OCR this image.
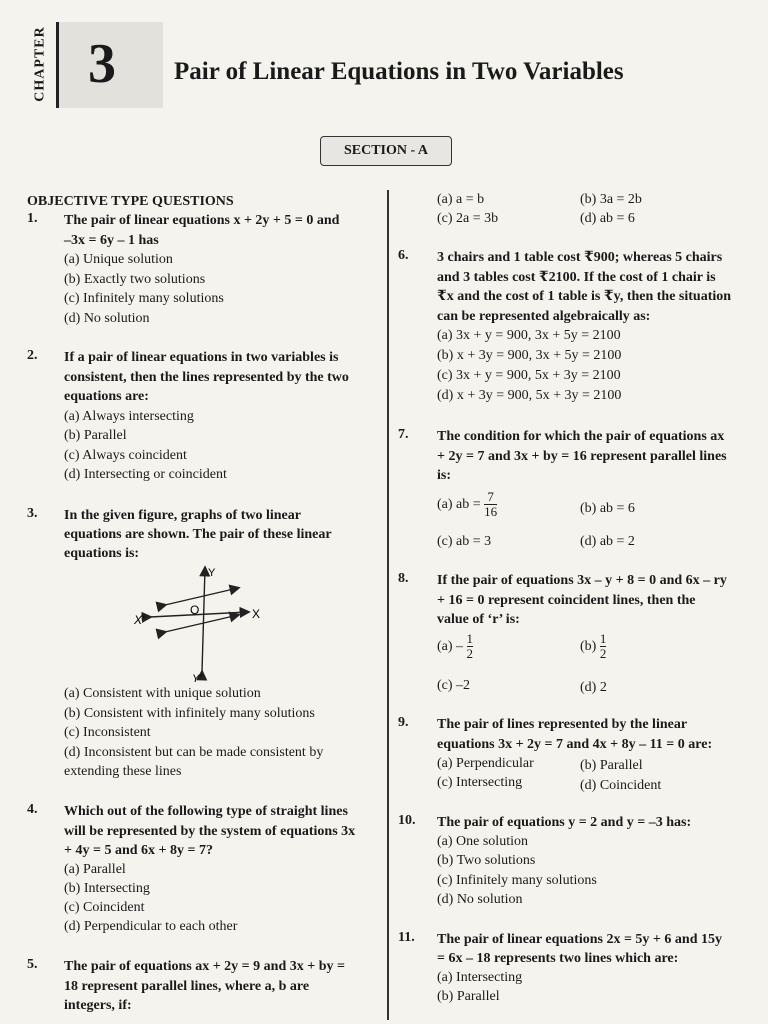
CHAPTER 3 Pair of Linear Equations in Two Variables
SECTION - A
OBJECTIVE TYPE QUESTIONS
1. The pair of linear equations x + 2y + 5 = 0 and
–3x = 6y – 1 has
(a) Unique solution
(b) Exactly two solutions
(c) Infinitely many solutions
(d) No solution
2. If a pair of linear equations in two variables is
consistent, then the lines represented by the two
equations are:
(a) Always intersecting
(b) Parallel
(c) Always coincident
(d) Intersecting or coincident
3. In the given figure, graphs of two linear
equations are shown. The pair of these linear
equations is:
Y
X
X'
Y'
O
(a) Consistent with unique solution
(b) Consistent with infinitely many solutions
(c) Inconsistent
(d) Inconsistent but can be made consistent by
extending these lines
4. Which out of the following type of straight lines
will be represented by the system of equations 3x
+ 4y = 5 and 6x + 8y = 7?
(a) Parallel
(b) Intersecting
(c) Coincident
(d) Perpendicular to each other
5. The pair of equations ax + 2y = 9 and 3x + by =
18 represent parallel lines, where a, b are
integers, if:
(a) a = b	(b) 3a = 2b
(c) 2a = 3b	(d) ab = 6
6. 3 chairs and 1 table cost ₹900; whereas 5 chairs
and 3 tables cost ₹2100. If the cost of 1 chair is
₹x and the cost of 1 table is ₹y, then the situation
can be represented algebraically as:
(a) 3x + y = 900, 3x + 5y = 2100
(b) x + 3y = 900, 3x + 5y = 2100
(c) 3x + y = 900, 5x + 3y = 2100
(d) x + 3y = 900, 5x + 3y = 2100
7. The condition for which the pair of equations ax
+ 2y = 7 and 3x + by = 16 represent parallel lines
is:
(a) ab = $\frac{7}{16}$	(b) ab = 6
(c) ab = 3	(d) ab = 2
8. If the pair of equations 3x – y + 8 = 0 and 6x – ry
+ 16 = 0 represent coincident lines, then the
value of ‘r’ is:
$(a) - \frac{1}{2}$	$(b) \frac{1}{2}$
(c) –2	(d) 2
9. The pair of lines represented by the linear
equations 3x + 2y = 7 and 4x + 8y – 11 = 0 are:
(a) Perpendicular	(b) Parallel
(c) Intersecting	(d) Coincident
10. The pair of equations y = 2 and y = –3 has:
(a) One solution
(b) Two solutions
(c) Infinitely many solutions
(d) No solution
11. The pair of linear equations 2x = 5y + 6 and 15y
= 6x – 18 represents two lines which are:
(a) Intersecting
(b) Parallel
